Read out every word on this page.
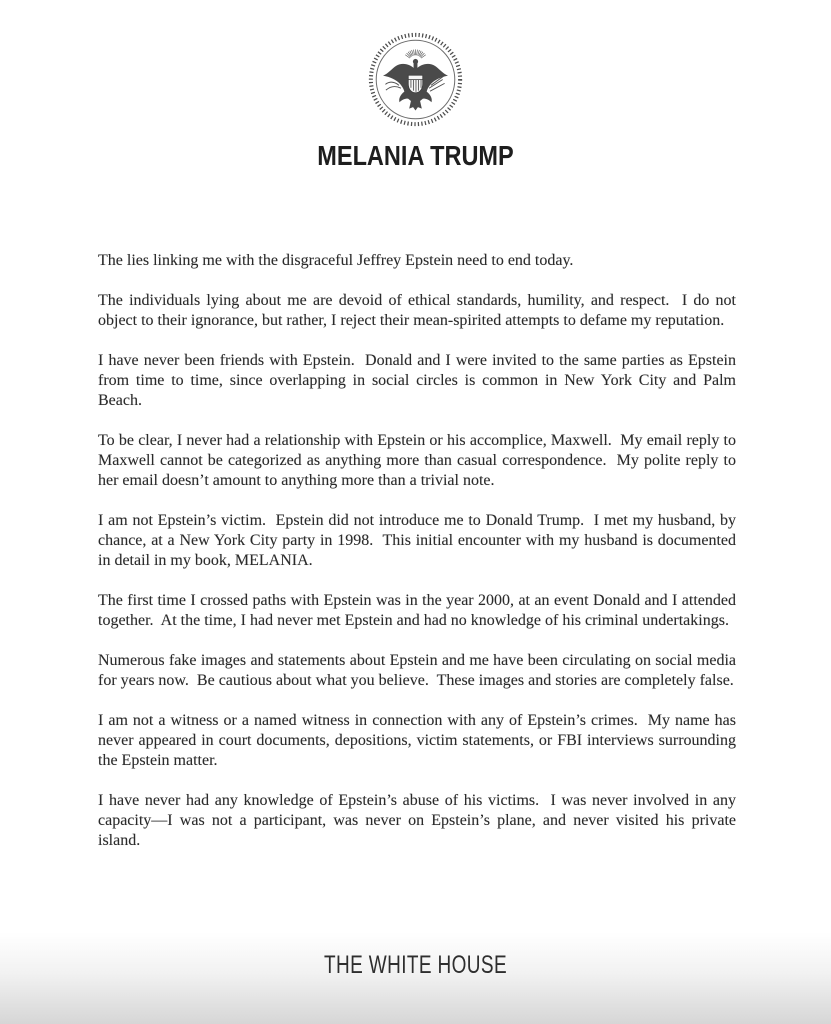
MELANIA TRUMP

The lies linking me with the disgraceful Jeffrey Epstein need to end today.

The individuals lying about me are devoid of ethical standards, humility, and respect.  I do not object to their ignorance, but rather, I reject their mean-spirited attempts to defame my reputation.

I have never been friends with Epstein.  Donald and I were invited to the same parties as Epstein from time to time, since overlapping in social circles is common in New York City and Palm Beach.

To be clear, I never had a relationship with Epstein or his accomplice, Maxwell.  My email reply to Maxwell cannot be categorized as anything more than casual correspondence.  My polite reply to her email doesn’t amount to anything more than a trivial note.

I am not Epstein’s victim.  Epstein did not introduce me to Donald Trump.  I met my husband, by chance, at a New York City party in 1998.  This initial encounter with my husband is documented in detail in my book, MELANIA.

The first time I crossed paths with Epstein was in the year 2000, at an event Donald and I attended together.  At the time, I had never met Epstein and had no knowledge of his criminal undertakings.

Numerous fake images and statements about Epstein and me have been circulating on social media for years now.  Be cautious about what you believe.  These images and stories are completely false.

I am not a witness or a named witness in connection with any of Epstein’s crimes.  My name has never appeared in court documents, depositions, victim statements, or FBI interviews surrounding the Epstein matter.

I have never had any knowledge of Epstein’s abuse of his victims.  I was never involved in any capacity—I was not a participant, was never on Epstein’s plane, and never visited his private island.

THE WHITE HOUSE
